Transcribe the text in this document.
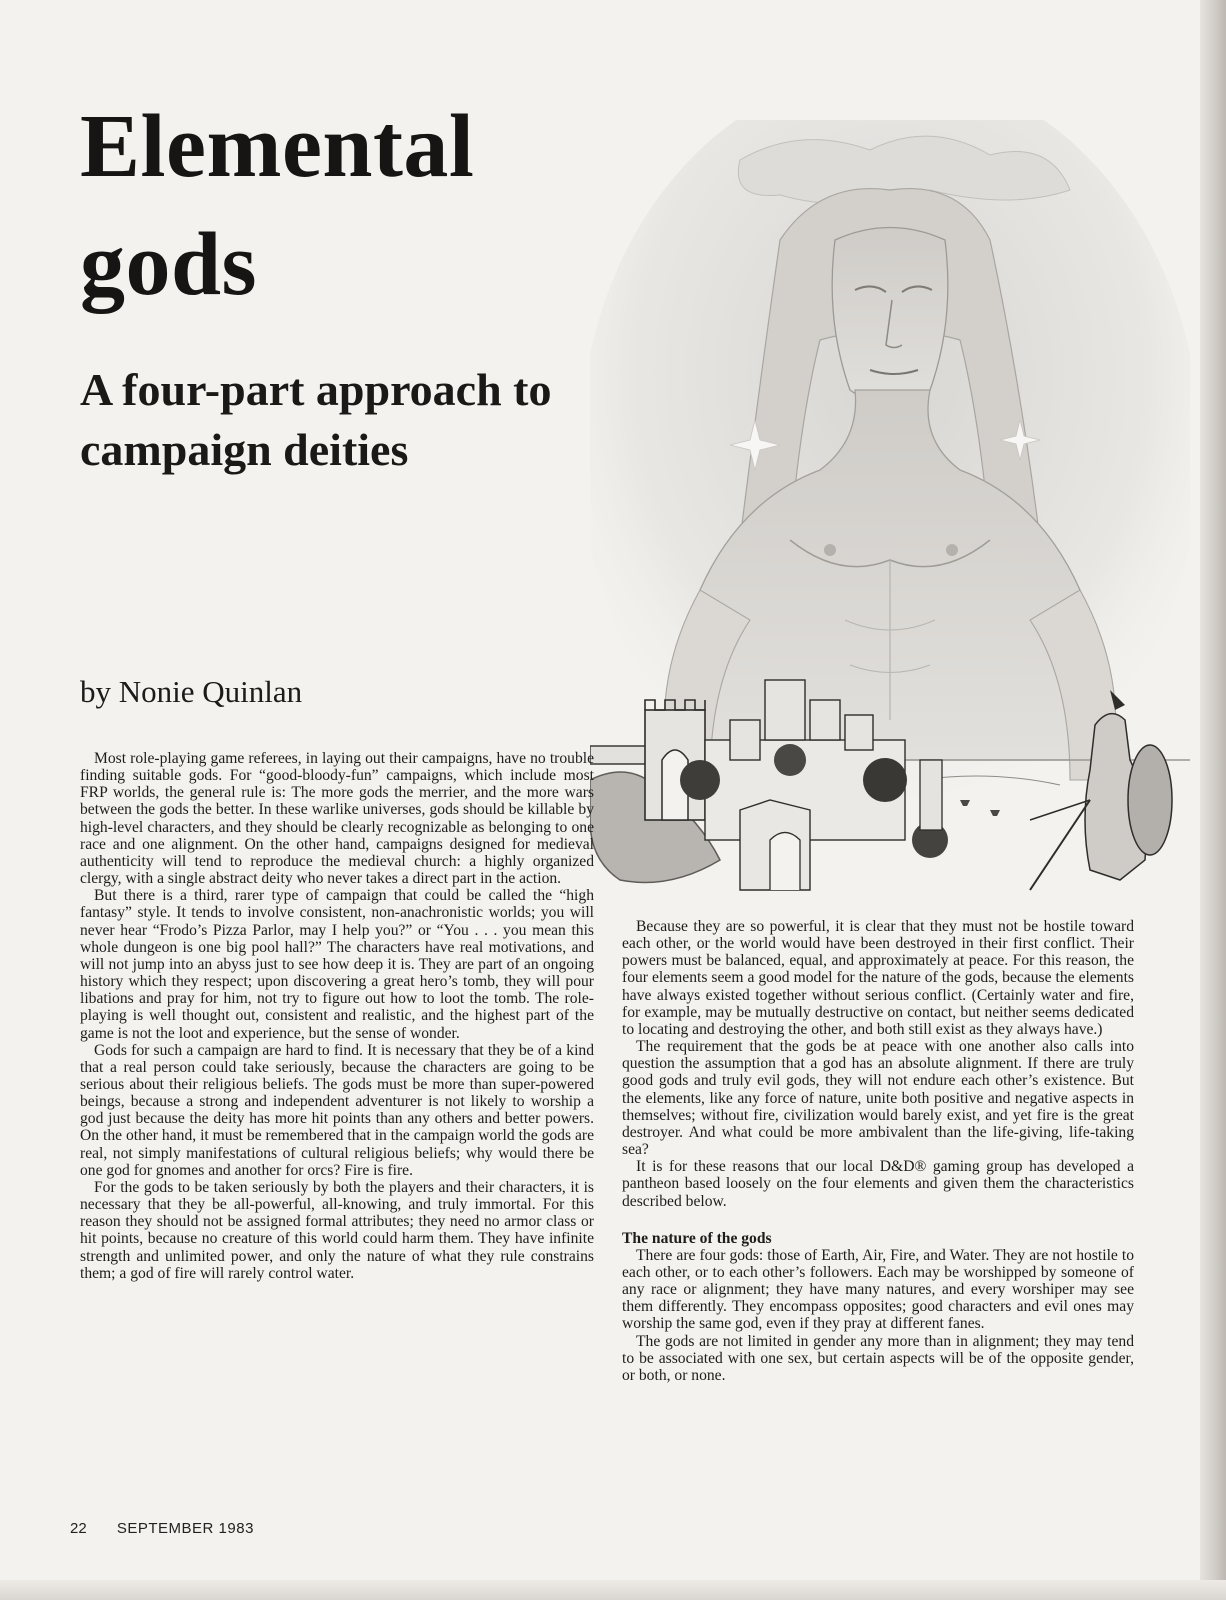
Elemental gods
A four-part approach to campaign deities
by Nonie Quinlan

Most role-playing game referees, in laying out their campaigns, have no trouble finding suitable gods. For “good-bloody-fun” campaigns, which include most FRP worlds, the general rule is: The more gods the merrier, and the more wars between the gods the better. In these warlike universes, gods should be killable by high-level characters, and they should be clearly recognizable as belonging to one race and one alignment. On the other hand, campaigns designed for medieval authenticity will tend to reproduce the medieval church: a highly organized clergy, with a single abstract deity who never takes a direct part in the action.

But there is a third, rarer type of campaign that could be called the “high fantasy” style. It tends to involve consistent, non-anachronistic worlds; you will never hear “Frodo’s Pizza Parlor, may I help you?” or “You . . . you mean this whole dungeon is one big pool hall?” The characters have real motivations, and will not jump into an abyss just to see how deep it is. They are part of an ongoing history which they respect; upon discovering a great hero’s tomb, they will pour libations and pray for him, not try to figure out how to loot the tomb. The role-playing is well thought out, consistent and realistic, and the highest part of the game is not the loot and experience, but the sense of wonder.

Gods for such a campaign are hard to find. It is necessary that they be of a kind that a real person could take seriously, because the characters are going to be serious about their religious beliefs. The gods must be more than super-powered beings, because a strong and independent adventurer is not likely to worship a god just because the deity has more hit points than any others and better powers. On the other hand, it must be remembered that in the campaign world the gods are real, not simply manifestations of cultural religious beliefs; why would there be one god for gnomes and another for orcs? Fire is fire.

For the gods to be taken seriously by both the players and their characters, it is necessary that they be all-powerful, all-knowing, and truly immortal. For this reason they should not be assigned formal attributes; they need no armor class or hit points, because no creature of this world could harm them. They have infinite strength and unlimited power, and only the nature of what they rule constrains them; a god of fire will rarely control water.

Because they are so powerful, it is clear that they must not be hostile toward each other, or the world would have been destroyed in their first conflict. Their powers must be balanced, equal, and approximately at peace. For this reason, the four elements seem a good model for the nature of the gods, because the elements have always existed together without serious conflict. (Certainly water and fire, for example, may be mutually destructive on contact, but neither seems dedicated to locating and destroying the other, and both still exist as they always have.)

The requirement that the gods be at peace with one another also calls into question the assumption that a god has an absolute alignment. If there are truly good gods and truly evil gods, they will not endure each other’s existence. But the elements, like any force of nature, unite both positive and negative aspects in themselves; without fire, civilization would barely exist, and yet fire is the great destroyer. And what could be more ambivalent than the life-giving, life-taking sea?

It is for these reasons that our local D&D® gaming group has developed a pantheon based loosely on the four elements and given them the characteristics described below.

The nature of the gods

There are four gods: those of Earth, Air, Fire, and Water. They are not hostile to each other, or to each other’s followers. Each may be worshipped by someone of any race or alignment; they have many natures, and every worshiper may see them differently. They encompass opposites; good characters and evil ones may worship the same god, even if they pray at different fanes.

The gods are not limited in gender any more than in alignment; they may tend to be associated with one sex, but certain aspects will be of the opposite gender, or both, or none.

22 SEPTEMBER 1983
